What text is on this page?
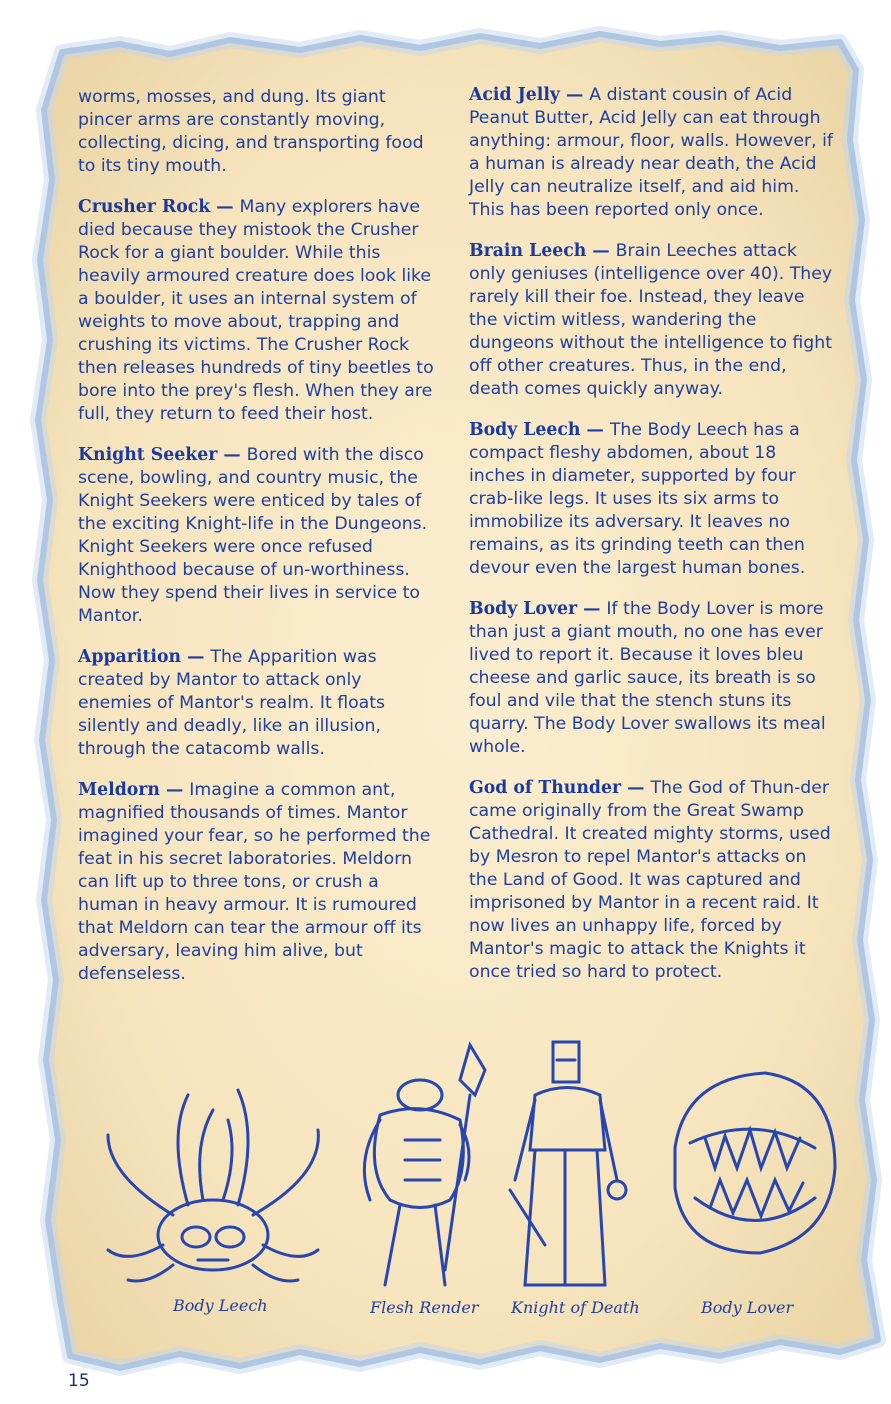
worms, mosses, and dung. Its giant pincer arms are constantly moving, collecting, dicing, and transporting food to its tiny mouth.

Crusher Rock — Many explorers have died because they mistook the Crusher Rock for a giant boulder. While this heavily armoured creature does look like a boulder, it uses an internal system of weights to move about, trapping and crushing its victims. The Crusher Rock then releases hundreds of tiny beetles to bore into the prey's flesh. When they are full, they return to feed their host.

Knight Seeker — Bored with the disco scene, bowling, and country music, the Knight Seekers were enticed by tales of the exciting Knight-life in the Dungeons. Knight Seekers were once refused Knighthood because of un-worthiness. Now they spend their lives in service to Mantor.

Apparition — The Apparition was created by Mantor to attack only enemies of Mantor's realm. It floats silently and deadly, like an illusion, through the catacomb walls.

Meldorn — Imagine a common ant, magnified thousands of times. Mantor imagined your fear, so he performed the feat in his secret laboratories. Meldorn can lift up to three tons, or crush a human in heavy armour. It is rumoured that Meldorn can tear the armour off its adversary, leaving him alive, but defenseless.

Acid Jelly — A distant cousin of Acid Peanut Butter, Acid Jelly can eat through anything: armour, floor, walls. However, if a human is already near death, the Acid Jelly can neutralize itself, and aid him. This has been reported only once.

Brain Leech — Brain Leeches attack only geniuses (intelligence over 40). They rarely kill their foe. Instead, they leave the victim witless, wandering the dungeons without the intelligence to fight off other creatures. Thus, in the end, death comes quickly anyway.

Body Leech — The Body Leech has a compact fleshy abdomen, about 18 inches in diameter, supported by four crab-like legs. It uses its six arms to immobilize its adversary. It leaves no remains, as its grinding teeth can then devour even the largest human bones.

Body Lover — If the Body Lover is more than just a giant mouth, no one has ever lived to report it. Because it loves bleu cheese and garlic sauce, its breath is so foul and vile that the stench stuns its quarry. The Body Lover swallows its meal whole.

God of Thunder — The God of Thun-der came originally from the Great Swamp Cathedral. It created mighty storms, used by Mesron to repel Mantor's attacks on the Land of Good. It was captured and imprisoned by Mantor in a recent raid. It now lives an unhappy life, forced by Mantor's magic to attack the Knights it once tried so hard to protect.

Body Leech	Flesh Render Knight of Death	Body Lover
15
